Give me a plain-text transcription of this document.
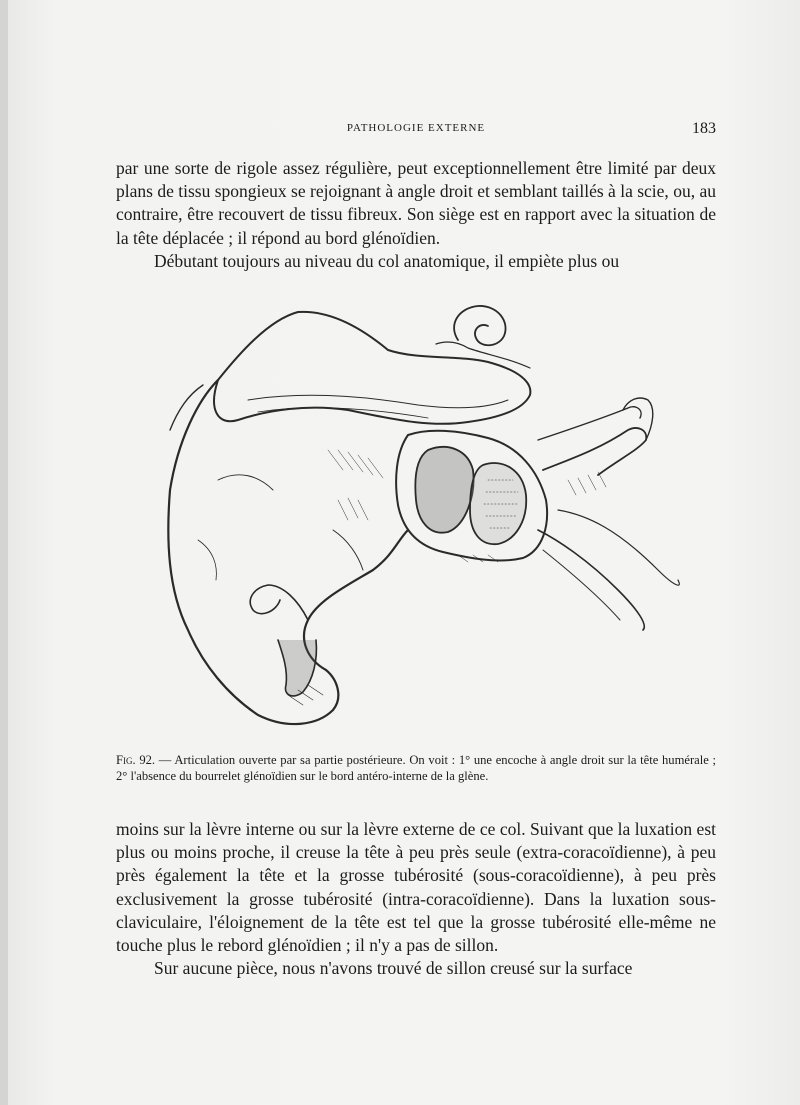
PATHOLOGIE EXTERNE	183

par une sorte de rigole assez régulière, peut exceptionnellement être limité par deux plans de tissu spongieux se rejoignant à angle droit et semblant taillés à la scie, ou, au contraire, être recouvert de tissu fibreux. Son siège est en rapport avec la situation de la tête déplacée ; il répond au bord glénoïdien.

Débutant toujours au niveau du col anatomique, il empiète plus ou

Fig. 92. — Articulation ouverte par sa partie postérieure. On voit : 1° une encoche à angle droit sur la tête humérale ; 2° l'absence du bourrelet glénoïdien sur le bord antéro-interne de la glène.

moins sur la lèvre interne ou sur la lèvre externe de ce col. Suivant que la luxation est plus ou moins proche, il creuse la tête à peu près seule (extra-coracoïdienne), à peu près également la tête et la grosse tubérosité (sous-coracoïdienne), à peu près exclusivement la grosse tubérosité (intra-coracoïdienne). Dans la luxation sous-claviculaire, l'éloignement de la tête est tel que la grosse tubérosité elle-même ne touche plus le rebord glénoïdien ; il n'y a pas de sillon.

Sur aucune pièce, nous n'avons trouvé de sillon creusé sur la surface
